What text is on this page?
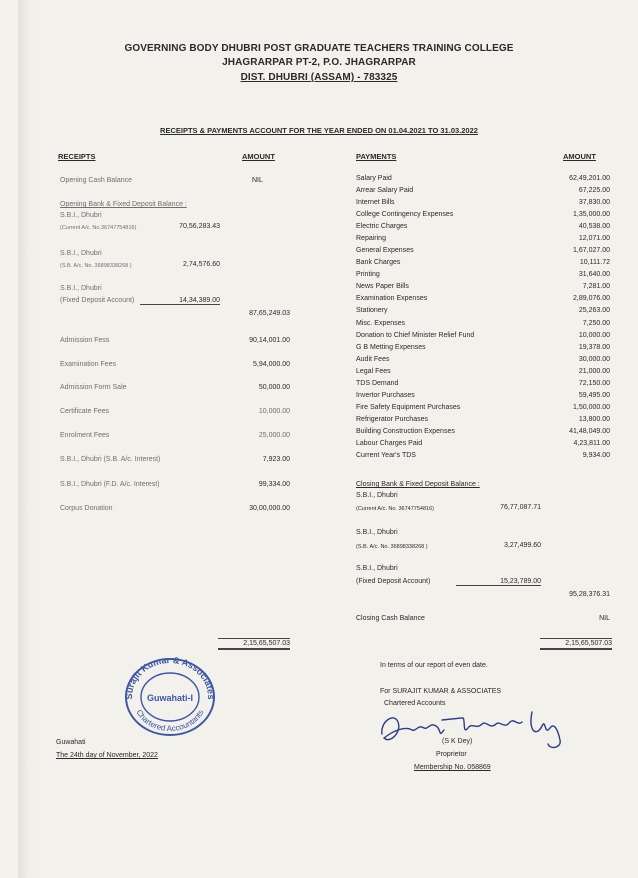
GOVERNING BODY DHUBRI POST GRADUATE TEACHERS TRAINING COLLEGE
JHAGRARPAR PT-2, P.O. JHAGRARPAR
DIST. DHUBRI (ASSAM) - 783325
RECEIPTS & PAYMENTS ACCOUNT FOR THE YEAR ENDED ON 01.04.2021 TO 31.03.2022
RECEIPTS	AMOUNT	PAYMENTS	AMOUNT
Opening Cash Balance	NIL
Opening Bank & Fixed Deposit Balance :
S.B.I., Dhubri
(Current A/c. No.36747754816)	70,56,283.43
S.B.I., Dhubri
(S.B. A/c. No. 36898338268 )	2,74,576.60
S.B.I., Dhubri
(Fixed Deposit Account)	14,34,389.00
87,65,249.03
Admission Fess	90,14,001.00
Examination Fees	5,94,000.00
Admission Form Sale	50,000.00
Certificate Fees	10,000.00
Enrolment Fees	25,000.00
S.B.I., Dhubri (S.B. A/c. Interest)	7,923.00
S.B.I., Dhubri (F.D. A/c. Interest)	99,334.00
Corpus Donation	30,00,000.00
2,15,65,507.03
Salary Paid	62,49,201.00
Arrear Salary Paid	67,225.00
Internet Bills	37,830.00
College Contingency Expenses	1,35,000.00
Electric Charges	40,538.00
Repairing	12,071.00
General Expenses	1,67,027.00
Bank Charges	10,111.72
Printing	31,640.00
News Paper Bills	7,281.00
Examination Expenses	2,89,076.00
Stationery	25,263.00
Misc. Expenses	7,250.00
Donation to Chief Minister Relief Fund	10,000.00
G B Metting Expenses	19,378.00
Audit Fees	30,000.00
Legal Fees	21,000.00
TDS Demand	72,150.00
Invertor Purchases	59,495.00
Fire Safety Equipment Purchases	1,50,000.00
Refrigerator Purchases	13,800.00
Building Construction Expenses	41,48,049.00
Labour Charges Paid	4,23,811.00
Current Year's TDS	9,934.00
Closing Bank & Fixed Deposit Balance :
S.B.I., Dhubri
(Current A/c. No. 36747754816)	76,77,087.71
S.B.I., Dhubri
(S.B. A/c. No. 36898338268 )	3,27,499.60
S.B.I., Dhubri
(Fixed Deposit Account)	15,23,789.00
95,28,376.31
Closing Cash Balance	NIL
2,15,65,507.03
In terms of our report of even date.
For SURAJIT KUMAR & ASSOCIATES
Chartered Accounts
(S K Dey)
Proprietor
Membership No. 058869
Guwahati
The 24th day of November, 2022
Surajit Kumar & Associates
Guwahati-I
Chartered Accountants
